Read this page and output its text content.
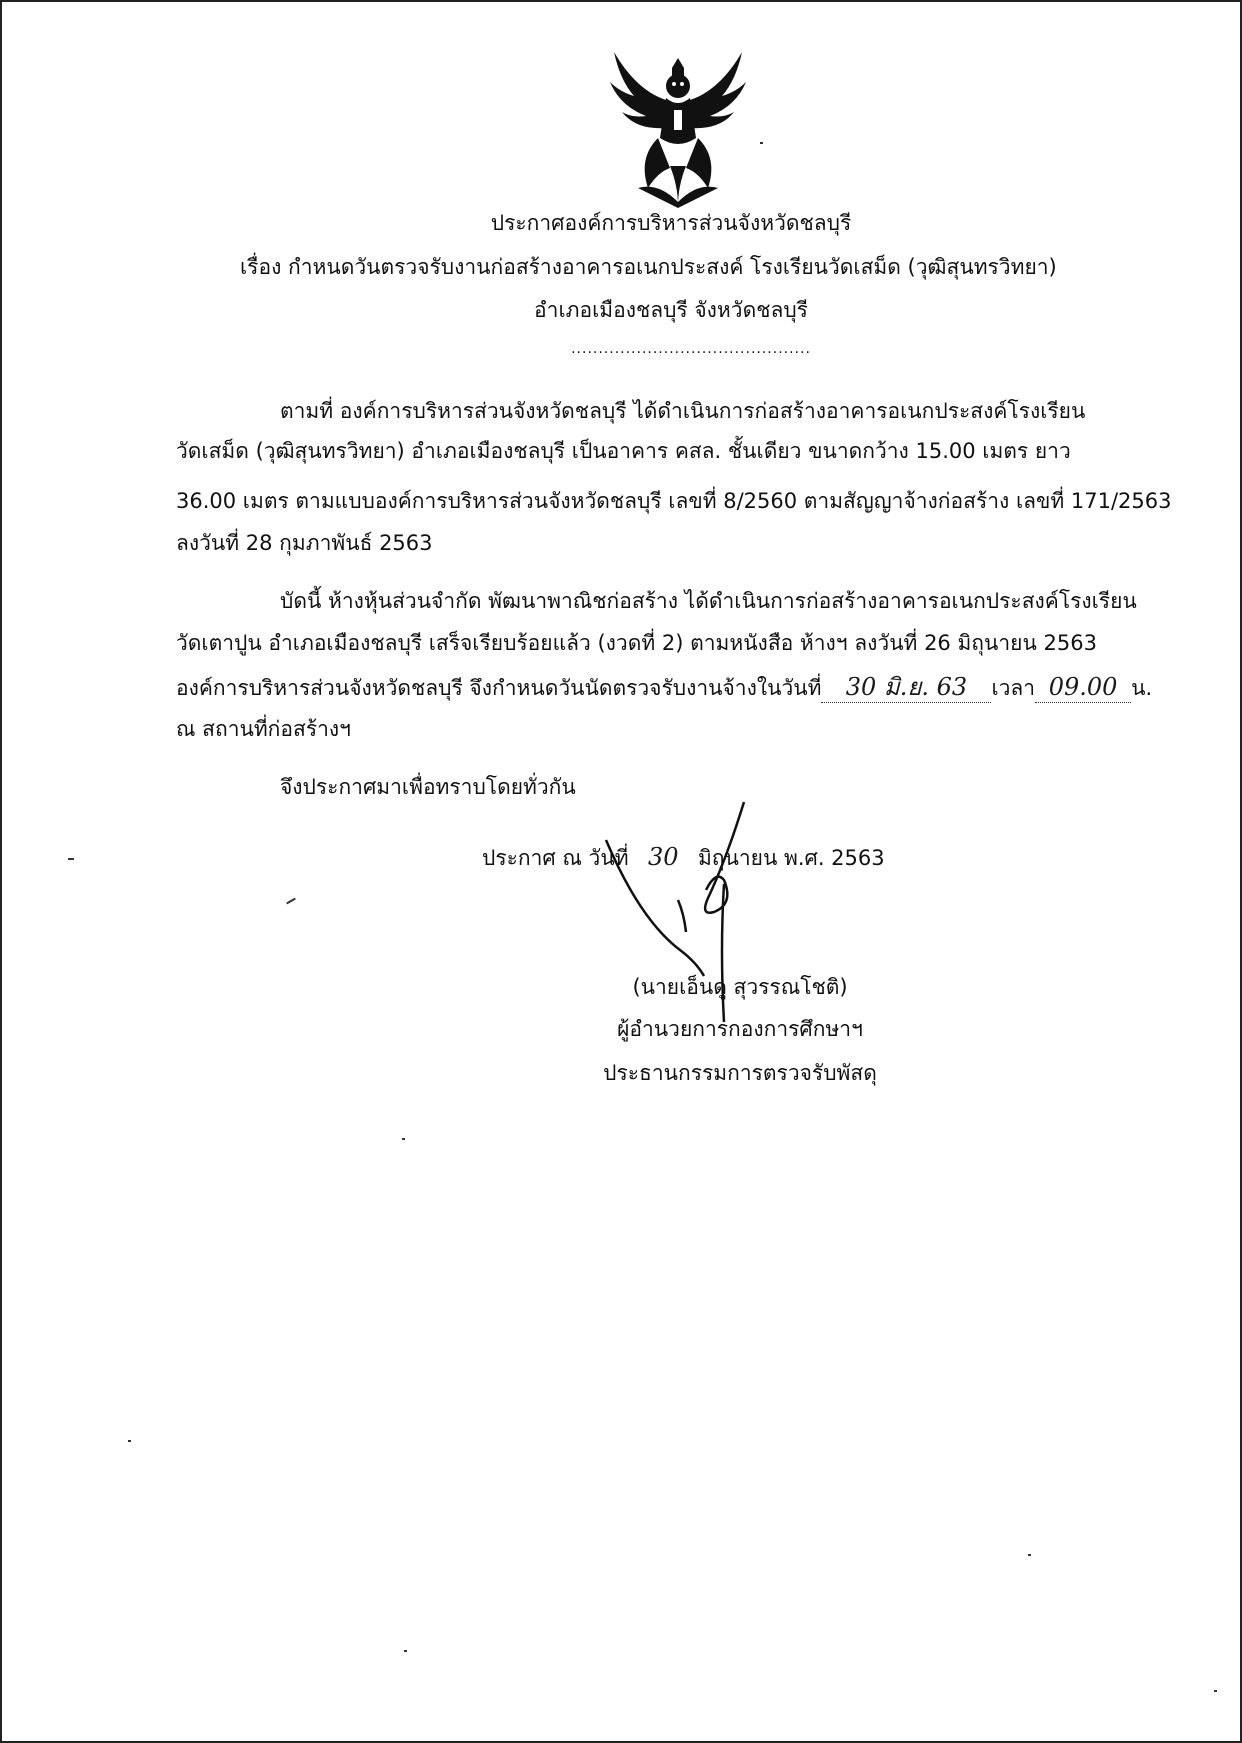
ประกาศองค์การบริหารส่วนจังหวัดชลบุรี
เรื่อง กำหนดวันตรวจรับงานก่อสร้างอาคารอเนกประสงค์ โรงเรียนวัดเสม็ด (วุฒิสุนทรวิทยา)
อำเภอเมืองชลบุรี จังหวัดชลบุรี
............................................
ตามที่ องค์การบริหารส่วนจังหวัดชลบุรี ได้ดำเนินการก่อสร้างอาคารอเนกประสงค์โรงเรียน
วัดเสม็ด (วุฒิสุนทรวิทยา) อำเภอเมืองชลบุรี เป็นอาคาร คสล. ชั้นเดียว ขนาดกว้าง 15.00 เมตร ยาว
36.00 เมตร ตามแบบองค์การบริหารส่วนจังหวัดชลบุรี เลขที่ 8/2560 ตามสัญญาจ้างก่อสร้าง เลขที่ 171/2563
ลงวันที่ 28 กุมภาพันธ์ 2563
บัดนี้ ห้างหุ้นส่วนจำกัด พัฒนาพาณิชก่อสร้าง ได้ดำเนินการก่อสร้างอาคารอเนกประสงค์โรงเรียน
วัดเตาปูน อำเภอเมืองชลบุรี เสร็จเรียบร้อยแล้ว (งวดที่ 2) ตามหนังสือ ห้างฯ ลงวันที่ 26 มิถุนายน 2563
องค์การบริหารส่วนจังหวัดชลบุรี จึงกำหนดวันนัดตรวจรับงานจ้างในวันที่ 30 มิ.ย. 63 เวลา 09.00 น.
ณ สถานที่ก่อสร้างฯ
จึงประกาศมาเพื่อทราบโดยทั่วกัน
ประกาศ ณ วันที่ 30 มิถุนายน พ.ศ. 2563
(นายเอ็นดู สุวรรณโชติ)
ผู้อำนวยการกองการศึกษาฯ
ประธานกรรมการตรวจรับพัสดุ
